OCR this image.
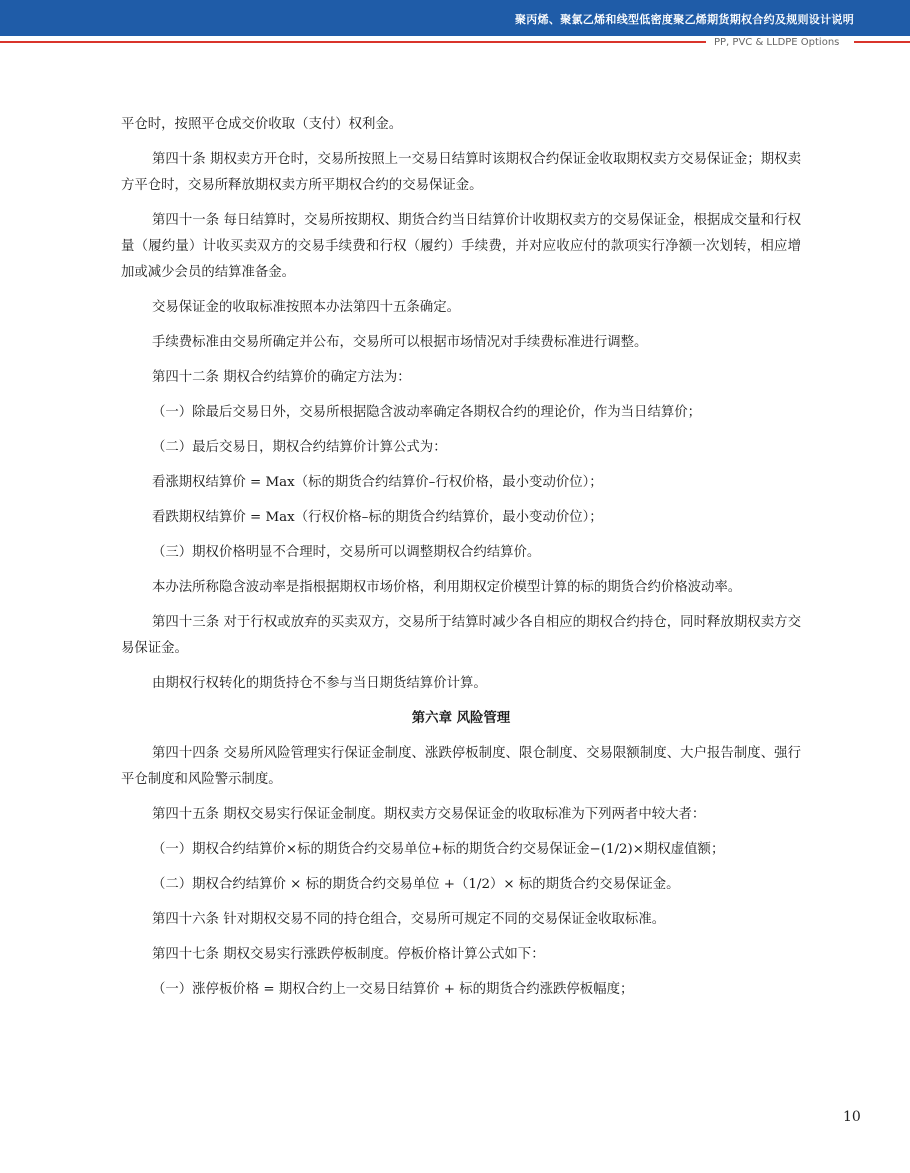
聚丙烯、聚氯乙烯和线型低密度聚乙烯期货期权合约及规则设计说明
PP, PVC & LLDPE Options

平仓时，按照平仓成交价收取（支付）权利金。

第四十条 期权卖方开仓时，交易所按照上一交易日结算时该期权合约保证金收取期权卖方交易保证金；期权卖方平仓时，交易所释放期权卖方所平期权合约的交易保证金。

第四十一条 每日结算时，交易所按期权、期货合约当日结算价计收期权卖方的交易保证金，根据成交量和行权量（履约量）计收买卖双方的交易手续费和行权（履约）手续费，并对应收应付的款项实行净额一次划转，相应增加或减少会员的结算准备金。

交易保证金的收取标准按照本办法第四十五条确定。

手续费标准由交易所确定并公布，交易所可以根据市场情况对手续费标准进行调整。

第四十二条 期权合约结算价的确定方法为：

（一）除最后交易日外，交易所根据隐含波动率确定各期权合约的理论价，作为当日结算价；

（二）最后交易日，期权合约结算价计算公式为：

看涨期权结算价 = Max（标的期货合约结算价–行权价格，最小变动价位）；

看跌期权结算价 = Max（行权价格–标的期货合约结算价，最小变动价位）；

（三）期权价格明显不合理时，交易所可以调整期权合约结算价。

本办法所称隐含波动率是指根据期权市场价格，利用期权定价模型计算的标的期货合约价格波动率。

第四十三条 对于行权或放弃的买卖双方，交易所于结算时减少各自相应的期权合约持仓，同时释放期权卖方交易保证金。

由期权行权转化的期货持仓不参与当日期货结算价计算。

第六章 风险管理

第四十四条 交易所风险管理实行保证金制度、涨跌停板制度、限仓制度、交易限额制度、大户报告制度、强行平仓制度和风险警示制度。

第四十五条 期权交易实行保证金制度。期权卖方交易保证金的收取标准为下列两者中较大者：

（一）期权合约结算价×标的期货合约交易单位+标的期货合约交易保证金−(1/2)×期权虚值额；

（二）期权合约结算价 × 标的期货合约交易单位 +（1/2）× 标的期货合约交易保证金。

第四十六条 针对期权交易不同的持仓组合，交易所可规定不同的交易保证金收取标准。

第四十七条 期权交易实行涨跌停板制度。停板价格计算公式如下：

（一）涨停板价格 = 期权合约上一交易日结算价 + 标的期货合约涨跌停板幅度；

10
